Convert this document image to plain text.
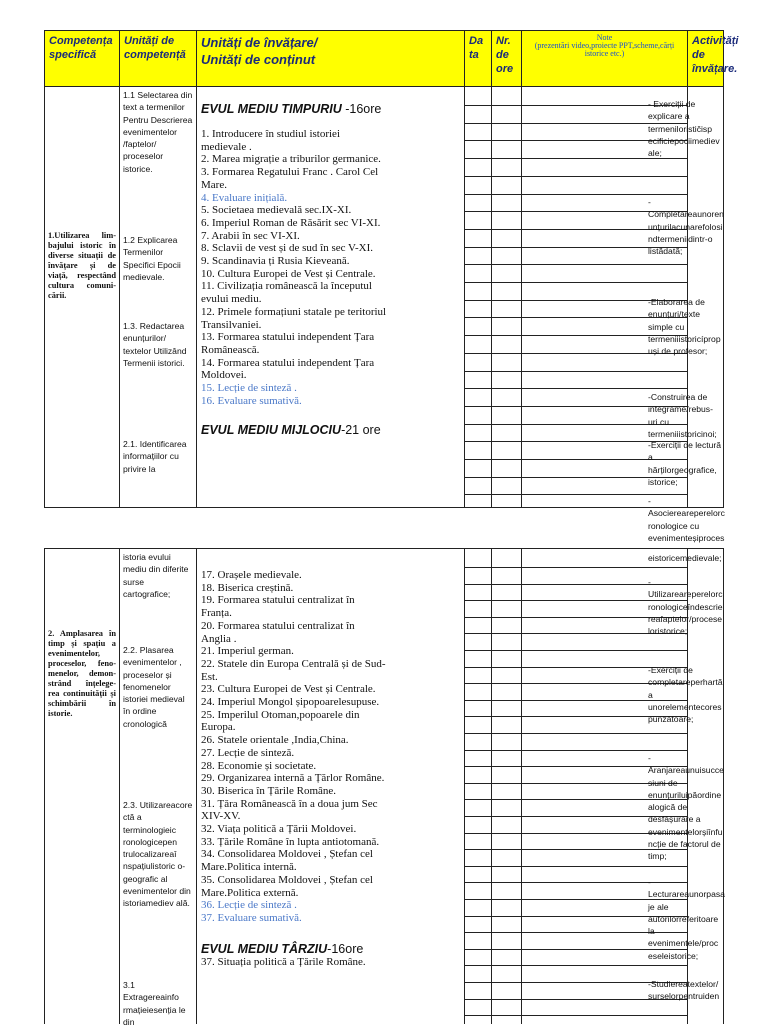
Competența specifică
Unități de competență
Unități de învățare/
Unități de conținut
Da ta
Nr. de ore
Note
(prezentări video,proiecte PPT,scheme,cărți istorice etc.)
Activități de învățare.
1.Utilizarea lim- bajului istoric în diverse situații de învățare și de viață, respectând cultura comuni- cării.

1.1 Selectarea din text a termenilor Pentru Descrierea evenimentelor /faptelor/ proceselor istorice.

1.2 Explicarea Termenilor Specifici Epocii medievale.

1.3. Redactarea enunțurilor/ textelor Utilizând Termenii istorici.

2.1. Identificarea informațiilor cu privire la

EVUL MEDIU TIMPURIU -16ore
1. Introducere în studiul istoriei
medievale .
2. Marea migrație a triburilor germanice.
3. Formarea Regatului Franc . Carol Cel
Mare.
4. Evaluare inițială.
5. Societaea medievală sec.IX-XI.
6. Imperiul Roman de Răsărit sec VI-XI.
7. Arabii în sec VI-XI.
8. Sclavii de vest și de sud în sec V-XI.
9. Scandinavia ți Rusia Kieveană.
10. Cultura Europei de Vest și Centrale.
11. Civilizația românească la începutul
evului mediu.
12. Primele formațiuni statale pe teritoriul
Transilvaniei.
13. Formarea statului independent Țara
Românească.
14. Formarea statului independent Țara
Moldovei.
15. Lecție de sinteză .
16. Evaluare sumativă.
EVUL MEDIU MIJLOCIU-21 ore

- Exerciții de explicare a termenilorističisp ecificiepociimediev ale;

- Completareaunoren unțurilacunarefolosi ndtermeniidintr-o listădată;

-Elaborarea de enunțuri/texte simple cu termeniiistoricíprop uși de profesor;

-Construirea de integrame/rebus- uri cu termeniiistoricinoi;

-Exerciții de lectură a hărțilorgeografice, istorice;

- Asociereareperelorc ronologice cu evenimenteșiproces

2. Amplasarea în timp și spațiu a evenimentelor, proceselor, feno- menelor, demon- strând înțelege- rea continuității și schimbării în istorie.

istoria evului mediu din diferite surse cartografice;

2.2. Plasarea evenimentelor , proceselor și fenomenelor istoriei medieval în ordine cronologică

2.3. Utilizareacore ctă a terminologieic ronologicepen trulocalizareaî nspațiulistoric o-geografic al evenimentelor din istoriamediev ală.

3.1 Extragereainfo rmațieiesenția le din

17. Orașele medievale.
18. Biserica creștină.
19. Formarea statului centralizat în
Franța.
20. Formarea statului centralizat în
Anglia .
21. Imperiul german.
22. Statele din Europa Centrală și de Sud-
Est.
23. Cultura Europei de Vest și Centrale.
24. Imperiul Mongol șipopoarelesupuse.
25. Imperilul Otoman,popoarele din
Europa.
26. Statele orientale ,India,China.
27. Lecție de sinteză.
28. Economie și societate.
29. Organizarea internă a Țărlor Române.
30. Biserica în Țările Române.
31. Țăra Românească în a doua jum Sec
XIV-XV.
32. Viața politică a Țării Moldovei.
33. Țările Române în lupta antiotomană.
34. Consolidarea Moldovei , Ștefan cel
Mare.Politica internă.
35. Consolidarea Moldovei , Ștefan cel
Mare.Politica externă.
36. Lecție de sinteză .
37. Evaluare sumativă.
EVUL MEDIU TÂRZIU-16ore
37. Situația politică a Țările Române.

eistoricemedievale;

- Utilizareareperelorc ronologiceîndescrie reafaptelor/procese loristorice;

-Exerciții de completareperhartă a unorelementecores punzătoare;

- Aranjareaunuisucce siuni de enunțuriluipăordine alogică de desfășurare a evenimentelorșiînfu ncție de factorul de timp;

- Lecturareaunorpasa je ale autorilorreferitoare la evenimentele/proc eseleistorice;

-Studiereatextelor/ surselorpentruiden
